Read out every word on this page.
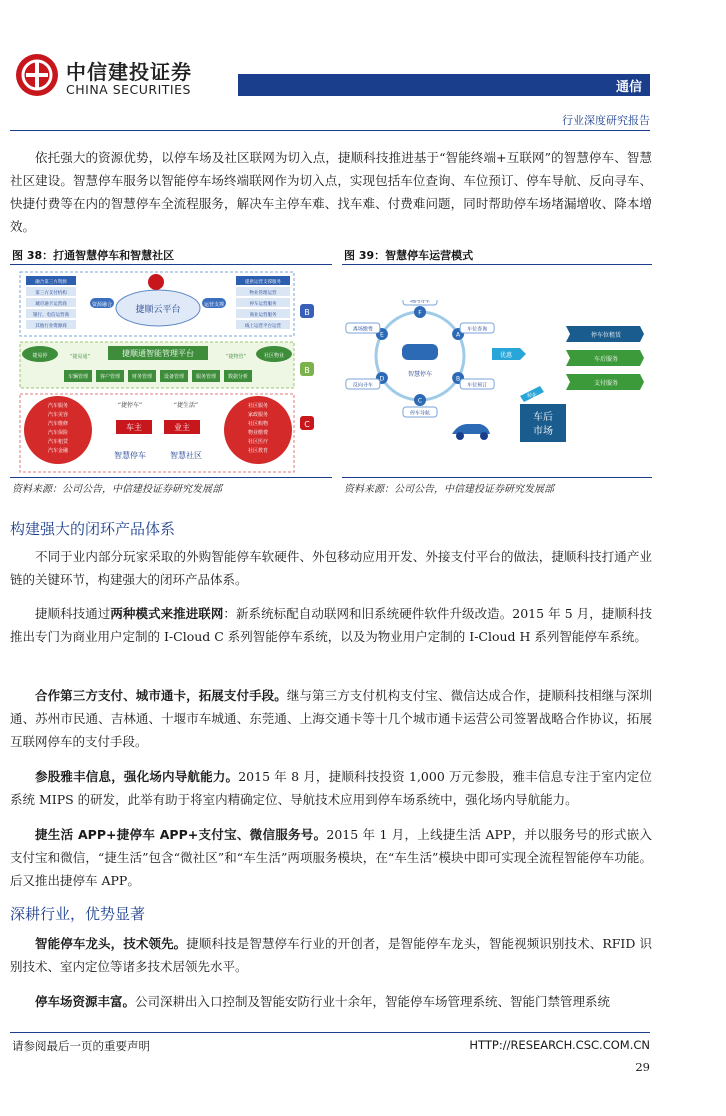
中信建投证券
CHINA SECURITIES	通信
行业深度研究报告

依托强大的资源优势，以停车场及社区联网为切入点，捷顺科技推进基于“智能终端+互联网”的智慧停车、智慧社区建设。智慧停车服务以智能停车场终端联网作为切入点，实现包括车位查询、车位预订、停车导航、反向寻车、快捷付费等在内的智慧停车全流程服务，解决车主停车难、找车难、付费难问题，同时帮助停车场堵漏增收、降本增效。

图 38：打通智慧停车和智慧社区
融合第三方资源
第三方支付机构
城市通卡运营商
银行、电信运营商
其他行业资源商
提供运营支撑服务
物业管理运营
停车运营服务
商业运营服务
线上运营平台运营
捷顺云平台
资源融合	运营支撑
B
B
C
捷顺通智能管理平台
捷易停	“捷易通”	“捷物管”	社区物业
车辆管理 客户管理 财务管理 设备管理 服务管理 数据分析
汽车服务
汽车美容
汽车维修
汽车保险
汽车租赁
汽车金融
社区服务
家政服务
社区购物
物业缴费
社区医疗
社区教育
车主	业主
“捷停车”	“捷生活”
智慧停车	智慧社区
资料来源：公司公告，中信建投证券研究发展部
图 39：智慧停车运营模式
F
场内寻车
A
车位查询
B
车位预订
C
停车导航
D
反向寻车
E
离场缴费
智慧停车
优惠
停车位租赁
车后服务
支付服务
转化
车后
市场
资料来源：公司公告，中信建投证券研究发展部
构建强大的闭环产品体系

不同于业内部分玩家采取的外购智能停车软硬件、外包移动应用开发、外接支付平台的做法，捷顺科技打通产业链的关键环节，构建强大的闭环产品体系。

捷顺科技通过两种模式来推进联网：新系统标配自动联网和旧系统硬件软件升级改造。2015 年 5 月，捷顺科技推出专门为商业用户定制的 I-Cloud C 系列智能停车系统，以及为物业用户定制的 I-Cloud H 系列智能停车系统。

合作第三方支付、城市通卡，拓展支付手段。继与第三方支付机构支付宝、微信达成合作，捷顺科技相继与深圳通、苏州市民通、吉林通、十堰市车城通、东莞通、上海交通卡等十几个城市通卡运营公司签署战略合作协议，拓展互联网停车的支付手段。

参股雅丰信息，强化场内导航能力。2015 年 8 月，捷顺科技投资 1,000 万元参股，雅丰信息专注于室内定位系统 MIPS 的研发，此举有助于将室内精确定位、导航技术应用到停车场系统中，强化场内导航能力。

捷生活 APP+捷停车 APP+支付宝、微信服务号。2015 年 1 月，上线捷生活 APP，并以服务号的形式嵌入支付宝和微信，“捷生活”包含“微社区”和“车生活”两项服务模块，在“车生活”模块中即可实现全流程智能停车功能。后又推出捷停车 APP。

深耕行业，优势显著

智能停车龙头，技术领先。捷顺科技是智慧停车行业的开创者，是智能停车龙头，智能视频识别技术、RFID 识别技术、室内定位等诸多技术居领先水平。

停车场资源丰富。公司深耕出入口控制及智能安防行业十余年，智能停车场管理系统、智能门禁管理系统

请参阅最后一页的重要声明	HTTP://RESEARCH.CSC.COM.CN
29
